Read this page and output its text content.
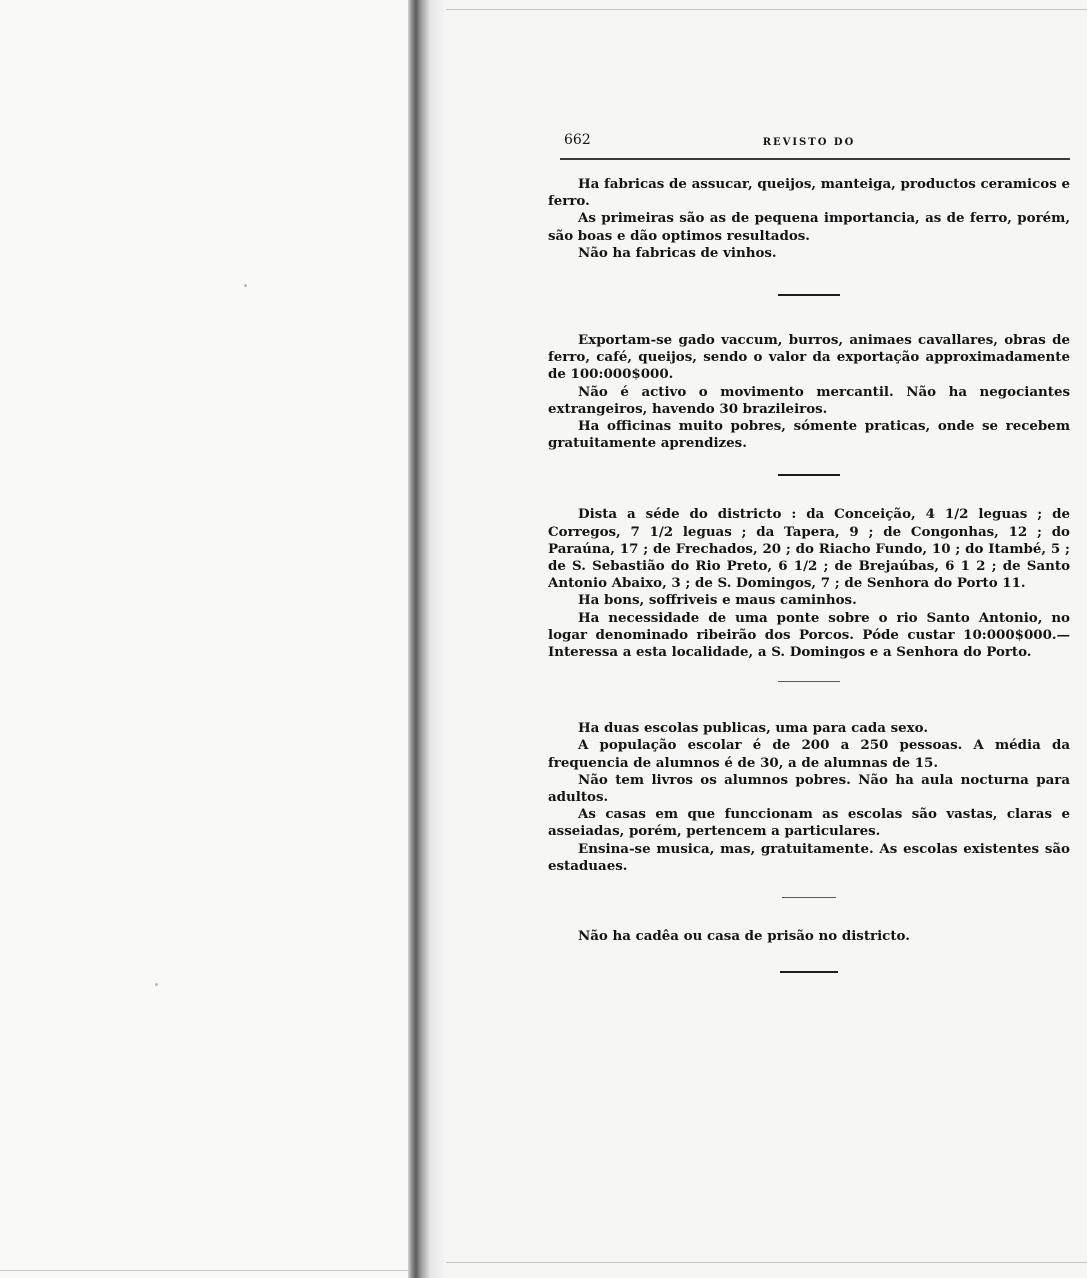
662	REVISTO DO

Ha fabricas de assucar, queijos, manteiga, productos ceramicos e ferro.

As primeiras são as de pequena importancia, as de ferro, porém, são boas e dão optimos resultados.

Não ha fabricas de vinhos.

Exportam-se gado vaccum, burros, animaes cavallares, obras de ferro, café, queijos, sendo o valor da exportação approximadamente de 100:000$000.

Não é activo o movimento mercantil. Não ha negociantes extrangeiros, havendo 30 brazileiros.

Ha officinas muito pobres, sómente praticas, onde se recebem gratuitamente aprendizes.

Dista a séde do districto : da Conceição, 4 1/2 leguas ; de Corregos, 7 1/2 leguas ; da Tapera, 9 ; de Congonhas, 12 ; do Paraúna, 17 ; de Frechados, 20 ; do Riacho Fundo, 10 ; do Itambé, 5 ; de S. Sebastião do Rio Preto, 6 1/2 ; de Brejaúbas, 6 1 2 ; de Santo Antonio Abaixo, 3 ; de S. Domingos, 7 ; de Senhora do Porto 11.

Ha bons, soffriveis e maus caminhos.

Ha necessidade de uma ponte sobre o rio Santo Antonio, no logar denominado ribeirão dos Porcos. Póde custar 10:000$000.— Interessa a esta localidade, a S. Domingos e a Senhora do Porto.

Ha duas escolas publicas, uma para cada sexo.

A população escolar é de 200 a 250 pessoas. A média da frequencia de alumnos é de 30, a de alumnas de 15.

Não tem livros os alumnos pobres. Não ha aula nocturna para adultos.

As casas em que funccionam as escolas são vastas, claras e asseiadas, porém, pertencem a particulares.

Ensina-se musica, mas, gratuitamente. As escolas existentes são estaduaes.

Não ha cadêa ou casa de prisão no districto.
